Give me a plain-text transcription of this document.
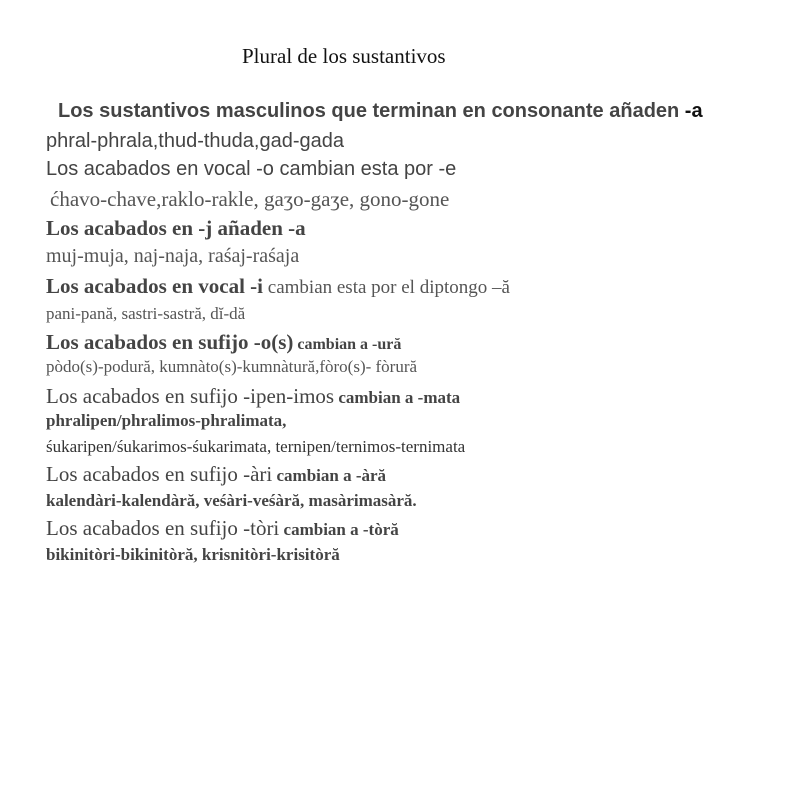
Plural de los sustantivos
Los sustantivos masculinos que terminan en consonante añaden -a
phral-phrala,thud-thuda,gad-gada
Los acabados en vocal -o cambian esta por -e
ćhavo-chave,raklo-rakle, gaʒo-gaʒe, gono-gone
Los acabados en -j añaden -a
muj-muja, naj-naja, raśaj-raśaja
Los acabados en vocal -i cambian esta por el diptongo –ă
pani-pană, sastri-sastră, dĭ-dă
Los acabados en sufijo -o(s) cambian a -ură
pòdo(s)-podură, kumnàto(s)-kumnàtură,fòro(s)- fòrură
Los acabados en sufijo -ipen-imos cambian a -mata
phralipen/phralimos-phralimata,
śukaripen/śukarimos-śukarimata, ternipen/ternimos-ternimata
Los acabados en sufijo -àri cambian a -àră
kalendàri-kalendàră, veśàri-veśàră, masàrimasàră.
Los acabados en sufijo -tòri cambian a -tòră
bikinitòri-bikinitòră, krisnitòri-krisitòră
